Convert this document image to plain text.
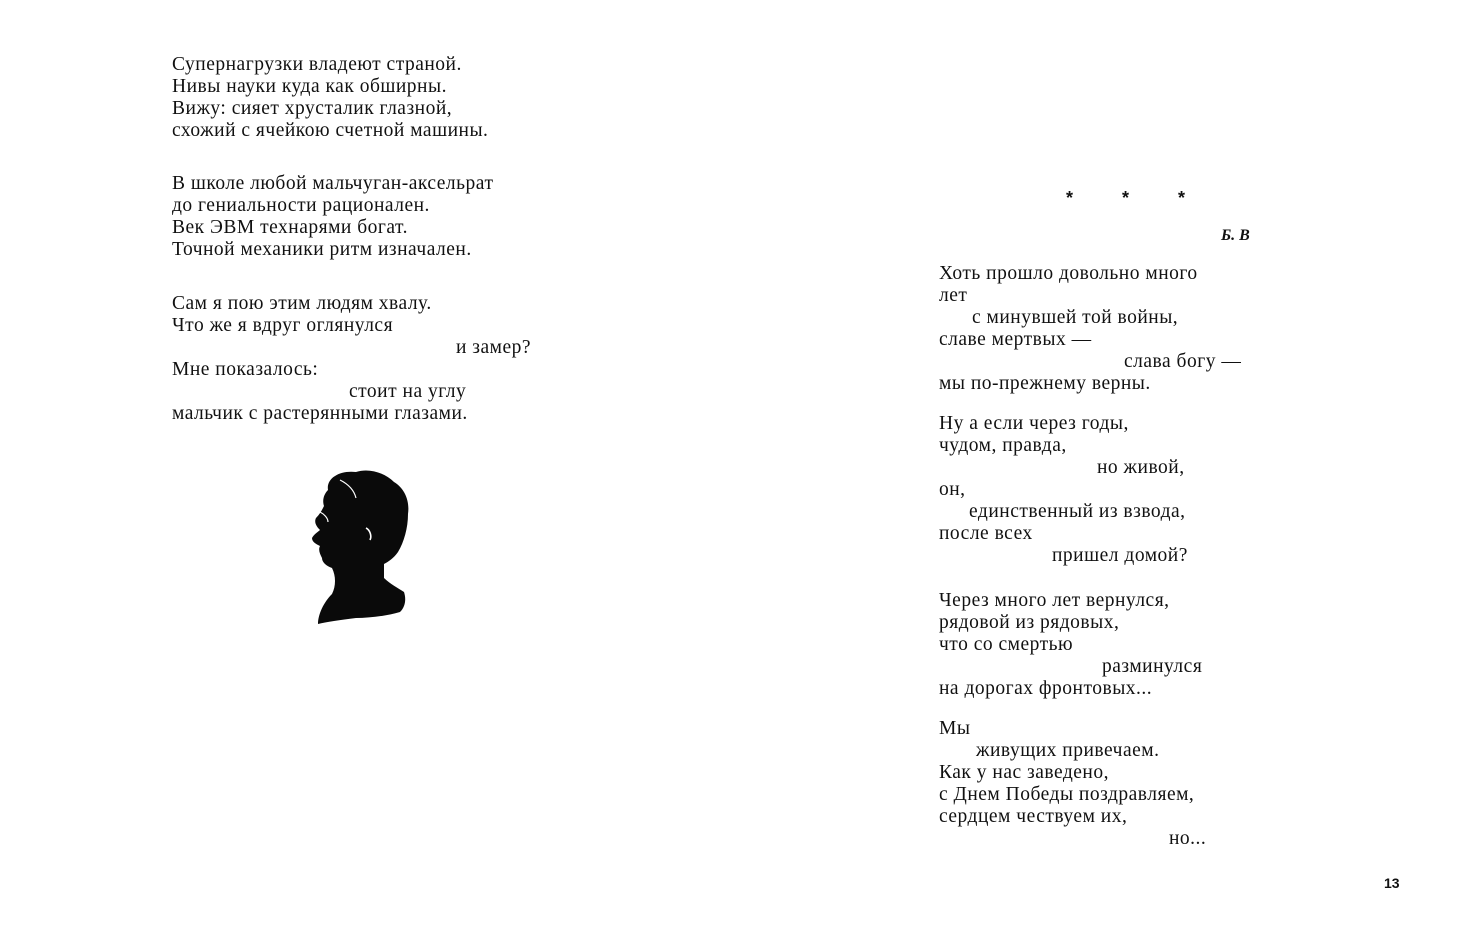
Супернагрузки владеют страной.
Нивы науки куда как обширны.
Вижу: сияет хрусталик глазной,
схожий с ячейкою счетной машины.
В школе любой мальчуган-аксельрат
до гениальности рационален.
Век ЭВМ технарями богат.
Точной механики ритм изначален.
Сам я пою этим людям хвалу.
Что же я вдруг оглянулся
и замер?
Мне показалось:
стоит на углу
мальчик с растерянными глазами.
* * *
Б. В
Хоть прошло довольно много
лет
с минувшей той войны,
славе мертвых —
слава богу —
мы по-прежнему верны.
Ну а если через годы,
чудом, правда,
но живой,
он,
единственный из взвода,
после всех
пришел домой?
Через много лет вернулся,
рядовой из рядовых,
что со смертью
разминулся
на дорогах фронтовых...
Мы
живущих привечаем.
Как у нас заведено,
с Днем Победы поздравляем,
сердцем чествуем их,
но...
13
